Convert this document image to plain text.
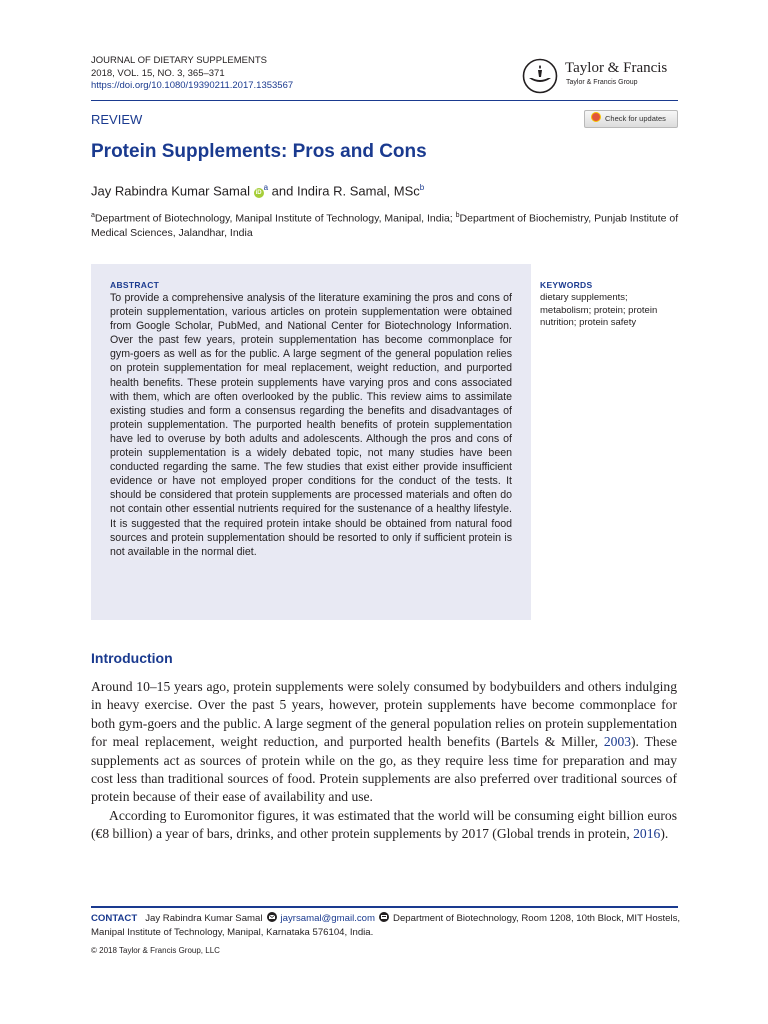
JOURNAL OF DIETARY SUPPLEMENTS
2018, VOL. 15, NO. 3, 365–371
https://doi.org/10.1080/19390211.2017.1353567
Taylor & Francis
Taylor & Francis Group
REVIEW	Check for updates
Protein Supplements: Pros and Cons
Jay Rabindra Kumar Samal $iD^a$ and Indira R. Samal, MSc$^b$
$^a$Department of Biotechnology, Manipal Institute of Technology, Manipal, India; $^b$Department of Biochemistry, Punjab Institute of Medical Sciences, Jalandhar, India
ABSTRACT
To provide a comprehensive analysis of the literature examining the pros and cons of protein supplementation, various articles on protein supplementation were obtained from Google Scholar, PubMed, and National Center for Biotechnology Information. Over the past few years, protein supplementation has become commonplace for gym-goers as well as for the public. A large segment of the general population relies on protein supplementation for meal replacement, weight reduction, and purported health benefits. These protein supplements have varying pros and cons associated with them, which are often overlooked by the public. This review aims to assimilate existing studies and form a consensus regarding the benefits and disadvantages of protein supplementation. The purported health benefits of protein supplementation have led to overuse by both adults and adolescents. Although the pros and cons of protein supplementation is a widely debated topic, not many studies have been conducted regarding the same. The few studies that exist either provide insufficient evidence or have not employed proper conditions for the conduct of the tests. It should be considered that protein supplements are processed materials and often do not contain other essential nutrients required for the sustenance of a healthy lifestyle. It is suggested that the required protein intake should be obtained from natural food sources and protein supplementation should be resorted to only if sufficient protein is not available in the normal diet.
KEYWORDS
dietary supplements; metabolism; protein; protein nutrition; protein safety
Introduction

Around 10–15 years ago, protein supplements were solely consumed by bodybuilders and others indulging in heavy exercise. Over the past 5 years, however, protein supplements have become commonplace for both gym-goers and the public. A large segment of the general population relies on protein supplementation for meal replacement, weight reduction, and purported health benefits (Bartels & Miller, 2003). These supplements act as sources of protein while on the go, as they require less time for preparation and may cost less than traditional sources of food. Protein supplements are also preferred over traditional sources of protein because of their ease of availability and use.

According to Euromonitor figures, it was estimated that the world will be consuming eight billion euros (€8 billion) a year of bars, drinks, and other protein supplements by 2017 (Global trends in protein, 2016).

CONTACT Jay Rabindra Kumar Samal jayrsamal@gmail.com Department of Biotechnology, Room 1208, 10th Block, MIT Hostels, Manipal Institute of Technology, Manipal, Karnataka 576104, India.
© 2018 Taylor & Francis Group, LLC
